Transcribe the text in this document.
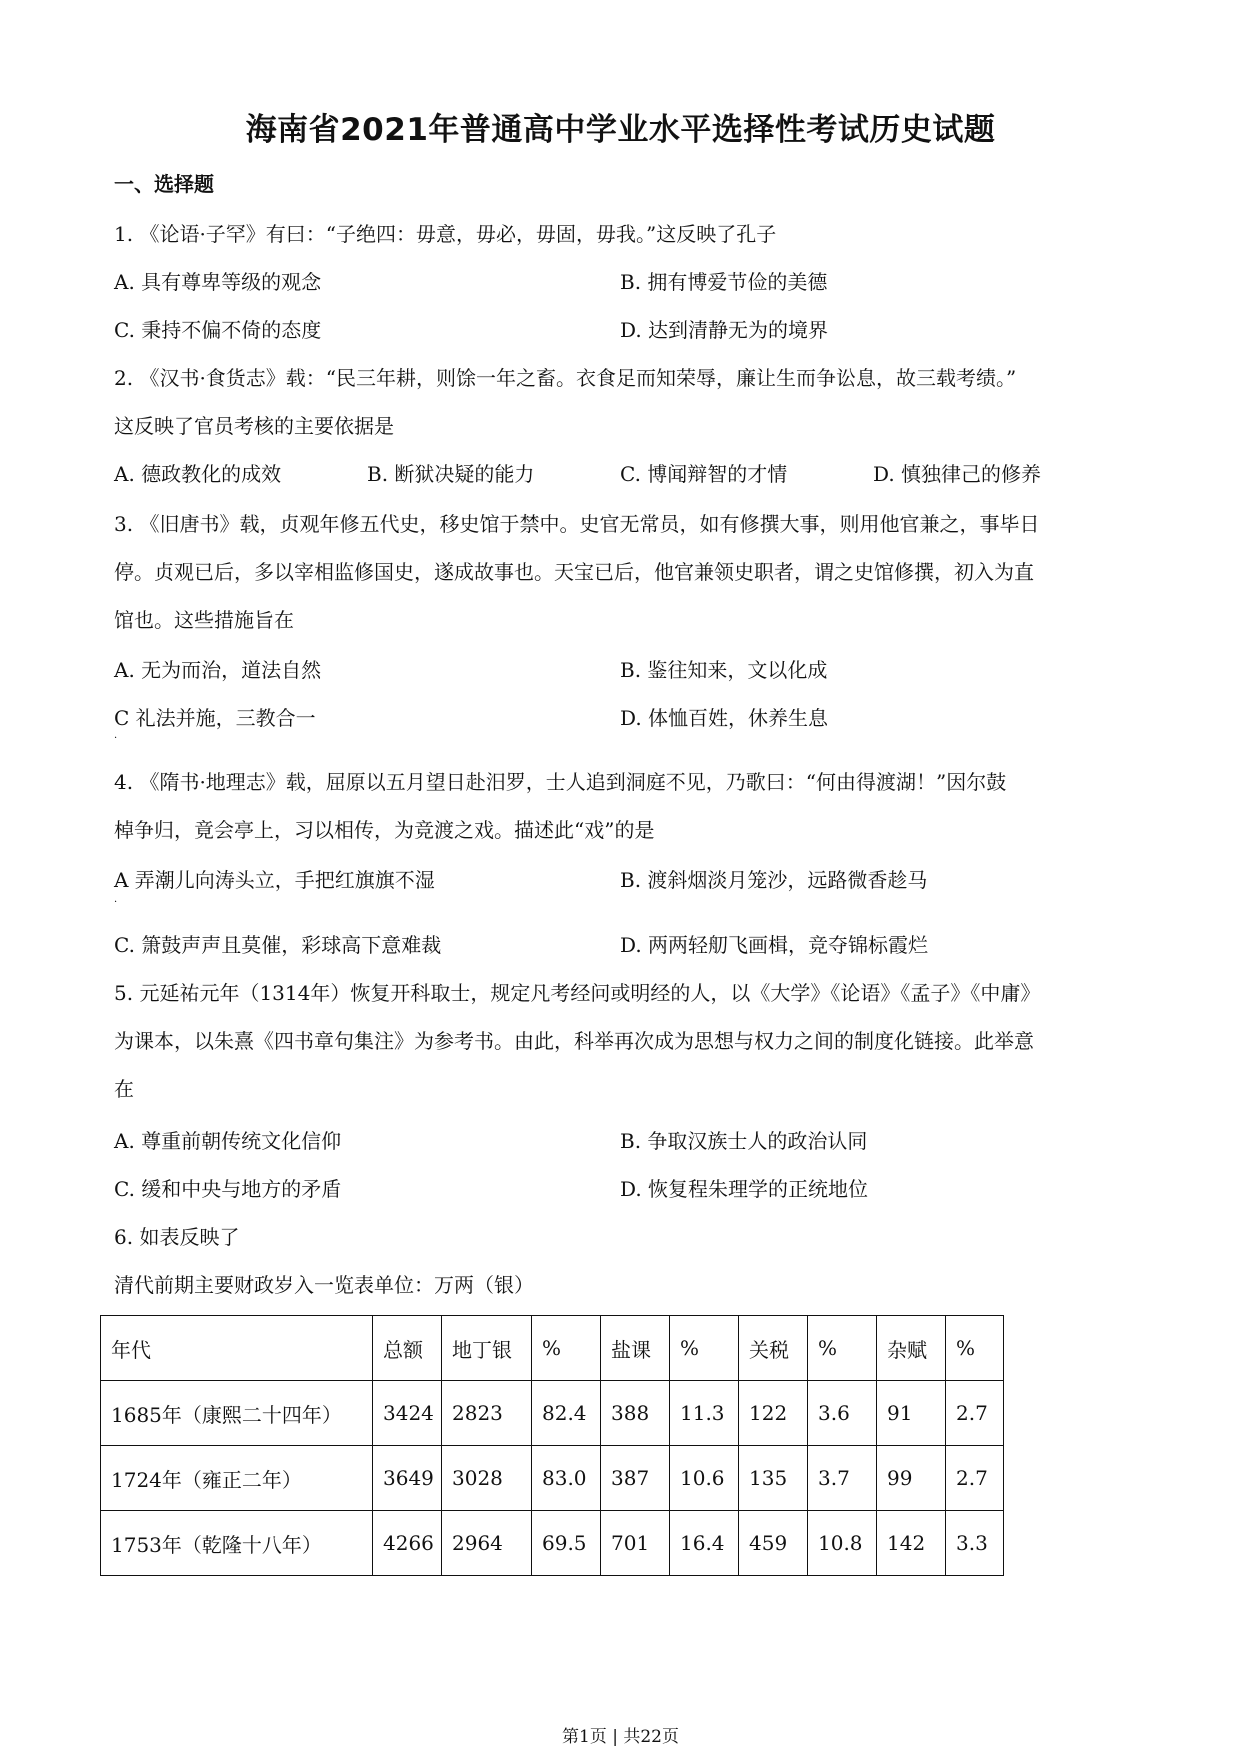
海南省2021年普通高中学业水平选择性考试历史试题
一、选择题
1. 《论语·子罕》有曰：“子绝四：毋意，毋必，毋固，毋我。”这反映了孔子
A. 具有尊卑等级的观念	B. 拥有博爱节俭的美德
C. 秉持不偏不倚的态度	D. 达到清静无为的境界
2. 《汉书·食货志》载：“民三年耕，则馀一年之畜。衣食足而知荣辱，廉让生而争讼息，故三载考绩。”
这反映了官员考核的主要依据是
A. 德政教化的成效	B. 断狱决疑的能力	C. 博闻辩智的才情	D. 慎独律己的修养
3. 《旧唐书》载，贞观年修五代史，移史馆于禁中。史官无常员，如有修撰大事，则用他官兼之，事毕日
停。贞观已后，多以宰相监修国史，遂成故事也。天宝已后，他官兼领史职者，谓之史馆修撰，初入为直
馆也。这些措施旨在
A. 无为而治，道法自然	B. 鉴往知来，文以化成
C 礼法并施，三教合一	D. 体恤百姓，休养生息
·
4. 《隋书·地理志》载，屈原以五月望日赴汨罗，士人追到洞庭不见，乃歌曰：“何由得渡湖！”因尔鼓
棹争归，竟会亭上，习以相传，为竞渡之戏。描述此“戏”的是
A 弄潮儿向涛头立，手把红旗旗不湿	B. 渡斜烟淡月笼沙，远路微香趁马
·
C. 箫鼓声声且莫催，彩球高下意难裁	D. 两两轻舠飞画楫，竞夺锦标霞烂
5. 元延祐元年（1314年）恢复开科取士，规定凡考经问或明经的人，以《大学》《论语》《孟子》《中庸》
为课本，以朱熹《四书章句集注》为参考书。由此，科举再次成为思想与权力之间的制度化链接。此举意
在
A. 尊重前朝传统文化信仰	B. 争取汉族士人的政治认同
C. 缓和中央与地方的矛盾	D. 恢复程朱理学的正统地位
6. 如表反映了
清代前期主要财政岁入一览表单位：万两（银）
年代	总额	地丁银	%	盐课	%	关税	%	杂赋	%
1685年（康熙二十四年）	3424	2823	82.4	388	11.3	122	3.6	91	2.7
1724年（雍正二年）	3649	3028	83.0	387	10.6	135	3.7	99	2.7
1753年（乾隆十八年）	4266	2964	69.5	701	16.4	459	10.8	142	3.3
第1页 | 共22页
